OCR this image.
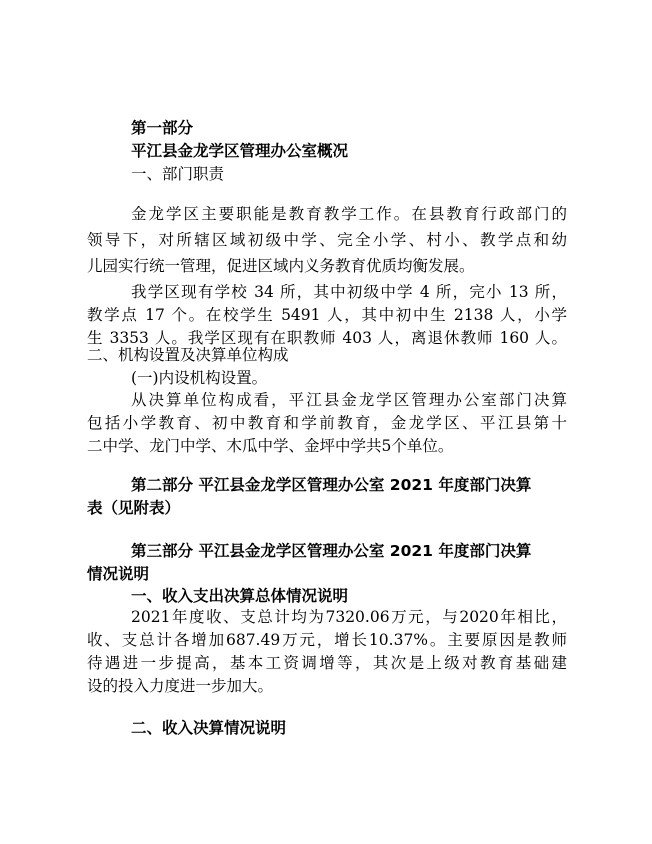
第一部分

平江县金龙学区管理办公室概况

一、部门职责

金龙学区主要职能是教育教学工作。在县教育行政部门的

领导下，对所辖区域初级中学、完全小学、村小、教学点和幼

儿园实行统一管理，促进区域内义务教育优质均衡发展。

我学区现有学校 34 所，其中初级中学 4 所，完小 13 所，

教学点 17 个。在校学生 5491 人，其中初中生 2138 人，小学

生 3353 人。我学区现有在职教师 403 人，离退休教师 160 人。

二、机构设置及决算单位构成

(一)内设机构设置。

从决算单位构成看，平江县金龙学区管理办公室部门决算

包括小学教育、初中教育和学前教育，金龙学区、平江县第十

二中学、龙门中学、木瓜中学、金坪中学共5个单位。

第二部分 平江县金龙学区管理办公室 2021 年度部门决算

表（见附表）

第三部分 平江县金龙学区管理办公室 2021 年度部门决算

情况说明

一、收入支出决算总体情况说明

2021年度收、支总计均为7320.06万元，与2020年相比，

收、支总计各增加687.49万元，增长10.37%。主要原因是教师

待遇进一步提高，基本工资调增等，其次是上级对教育基础建

设的投入力度进一步加大。

二、收入决算情况说明
